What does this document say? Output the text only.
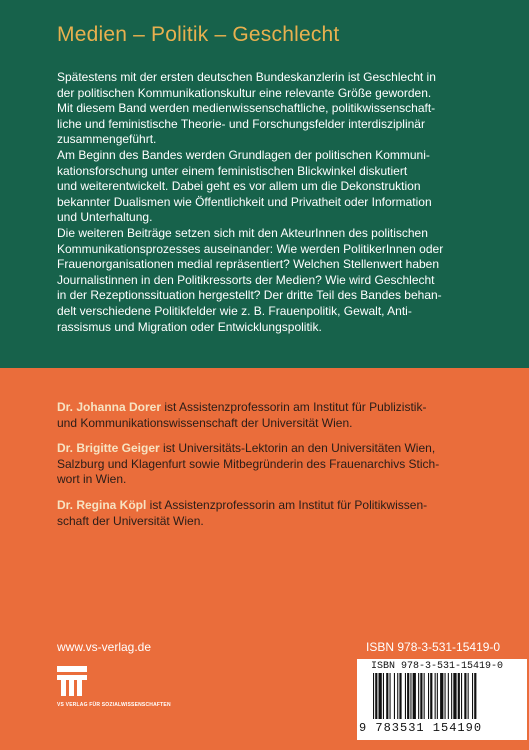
Medien – Politik – Geschlecht

Spätestens mit der ersten deutschen Bundeskanzlerin ist Geschlecht in
der politischen Kommunikationskultur eine relevante Größe geworden.
Mit diesem Band werden medienwissenschaftliche, politikwissenschaft-
liche und feministische Theorie- und Forschungsfelder interdisziplinär
zusammengeführt.

Am Beginn des Bandes werden Grundlagen der politischen Kommuni-
kationsforschung unter einem feministischen Blickwinkel diskutiert
und weiterentwickelt. Dabei geht es vor allem um die Dekonstruktion
bekannter Dualismen wie Öffentlichkeit und Privatheit oder Information
und Unterhaltung.

Die weiteren Beiträge setzen sich mit den AkteurInnen des politischen
Kommunikationsprozesses auseinander: Wie werden PolitikerInnen oder
Frauenorganisationen medial repräsentiert? Welchen Stellenwert haben
Journalistinnen in den Politikressorts der Medien? Wie wird Geschlecht
in der Rezeptionssituation hergestellt? Der dritte Teil des Bandes behan-
delt verschiedene Politikfelder wie z. B. Frauenpolitik, Gewalt, Anti-
rassismus und Migration oder Entwicklungspolitik.

Dr. Johanna Dorer ist Assistenzprofessorin am Institut für Publizistik-
und Kommunikationswissenschaft der Universität Wien.

Dr. Brigitte Geiger ist Universitäts-Lektorin an den Universitäten Wien,
Salzburg und Klagenfurt sowie Mitbegründerin des Frauenarchivs Stich-
wort in Wien.

Dr. Regina Köpl ist Assistenzprofessorin am Institut für Politikwissen-
schaft der Universität Wien.

www.vs-verlag.de
VS VERLAG FÜR SOZIALWISSENSCHAFTEN
ISBN 978-3-531-15419-0
ISBN 978-3-531-15419-0
9 783531 154190
